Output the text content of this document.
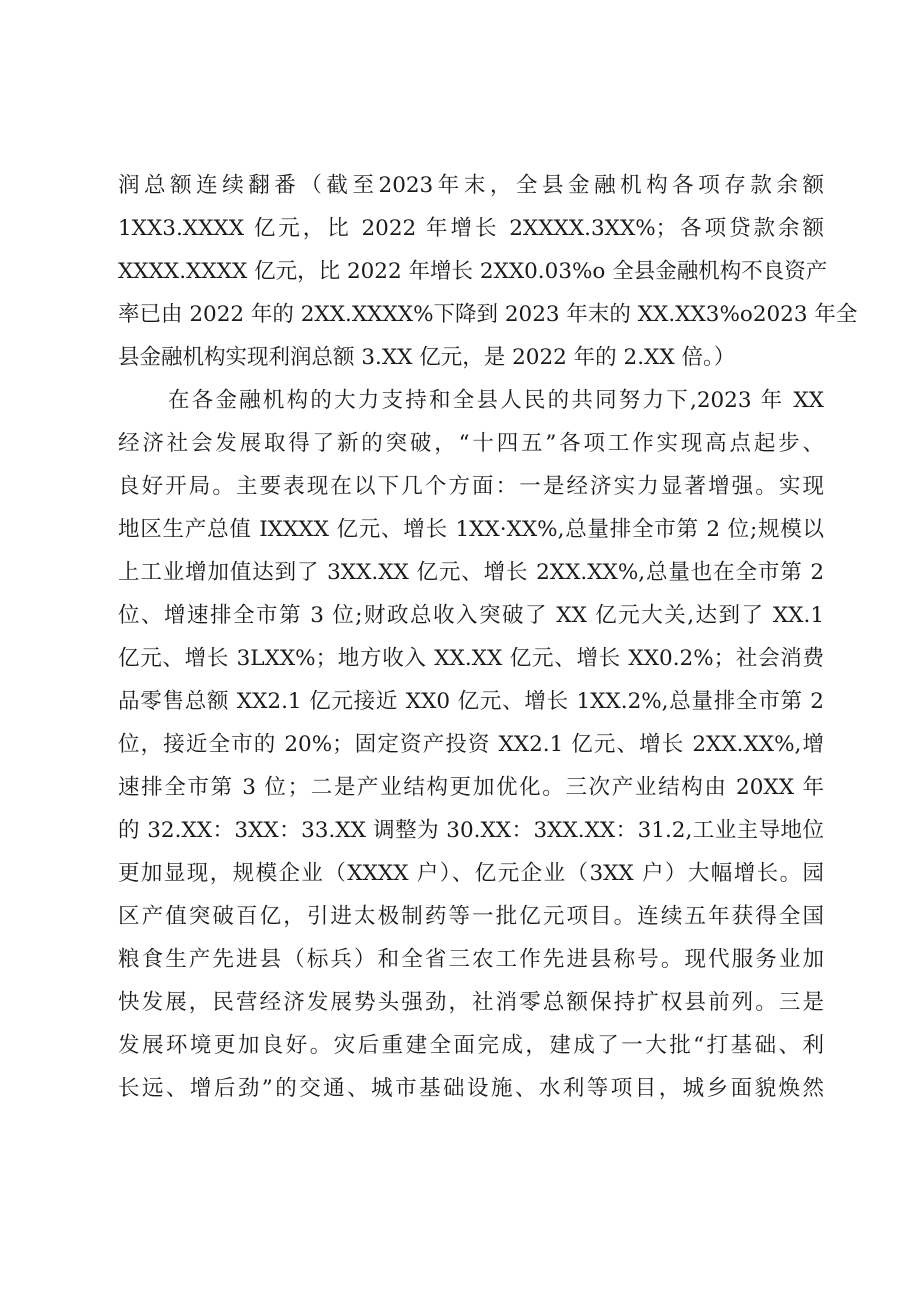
润总额连续翻番（截至2023年末，全县金融机构各项存款余额
1XX3.XXXX 亿元，比 2022 年增长 2XXXX.3XX%；各项贷款余额
XXXX.XXXX 亿元，比 2022 年增长 2XX0.03%o 全县金融机构不良资产
率已由 2022 年的 2XX.XXXX%下降到 2023 年末的 XX.XX3%o2023 年全
县金融机构实现利润总额 3.XX 亿元，是 2022 年的 2.XX 倍。）
在各金融机构的大力支持和全县人民的共同努力下,2023 年 XX
经济社会发展取得了新的突破，“十四五”各项工作实现高点起步、
良好开局。主要表现在以下几个方面：一是经济实力显著增强。实现
地区生产总值 IXXXX 亿元、增长 1XX·XX%,总量排全市第 2 位;规模以
上工业增加值达到了 3XX.XX 亿元、增长 2XX.XX%,总量也在全市第 2
位、增速排全市第 3 位;财政总收入突破了 XX 亿元大关,达到了 XX.1
亿元、增长 3LXX%；地方收入 XX.XX 亿元、增长 XX0.2%；社会消费
品零售总额 XX2.1 亿元接近 XX0 亿元、增长 1XX.2%,总量排全市第 2
位，接近全市的 20%；固定资产投资 XX2.1 亿元、增长 2XX.XX%,增
速排全市第 3 位；二是产业结构更加优化。三次产业结构由 20XX 年
的 32.XX：3XX：33.XX 调整为 30.XX：3XX.XX：31.2,工业主导地位
更加显现，规模企业（XXXX 户）、亿元企业（3XX 户）大幅增长。园
区产值突破百亿，引进太极制药等一批亿元项目。连续五年获得全国
粮食生产先进县（标兵）和全省三农工作先进县称号。现代服务业加
快发展，民营经济发展势头强劲，社消零总额保持扩权县前列。三是
发展环境更加良好。灾后重建全面完成，建成了一大批“打基础、利
长远、增后劲”的交通、城市基础设施、水利等项目，城乡面貌焕然
